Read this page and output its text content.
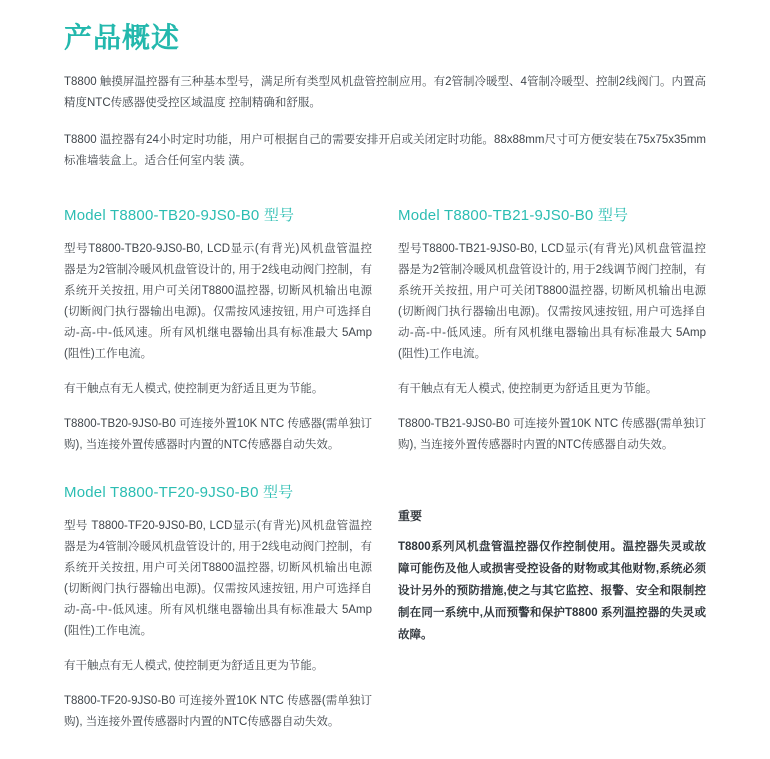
产品概述

T8800 触摸屏温控器有三种基本型号，满足所有类型风机盘管控制应用。有2管制冷暖型、4管制冷暖型、控制2线阀门。内置高精度NTC传感器使受控区域温度 控制精确和舒服。

T8800 温控器有24小时定时功能，用户可根据自己的需要安排开启或关闭定时功能。88x88mm尺寸可方便安装在75x75x35mm标准墙装盒上。适合任何室内装 潢。

Model T8800-TB20-9JS0-B0 型号

型号T8800-TB20-9JS0-B0, LCD显示(有背光)风机盘管温控器是为2管制冷暖风机盘管设计的, 用于2线电动阀门控制，有系统开关按扭, 用户可关闭T8800温控器, 切断风机输出电源(切断阀门执行器输出电源)。仅需按风速按钮, 用户可选择自动-高-中-低风速。所有风机继电器输出具有标准最大 5Amp (阻性)工作电流。

有干触点有无人模式, 使控制更为舒适且更为节能。

T8800-TB20-9JS0-B0 可连接外置10K NTC 传感器(需单独订购), 当连接外置传感器时内置的NTC传感器自动失效。

Model T8800-TF20-9JS0-B0 型号

型号 T8800-TF20-9JS0-B0, LCD显示(有背光)风机盘管温控器是为4管制冷暖风机盘管设计的, 用于2线电动阀门控制，有系统开关按扭, 用户可关闭T8800温控器, 切断风机输出电源(切断阀门执行器输出电源)。仅需按风速按钮, 用户可选择自动-高-中-低风速。所有风机继电器输出具有标准最大 5Amp (阻性)工作电流。

有干触点有无人模式, 使控制更为舒适且更为节能。

T8800-TF20-9JS0-B0 可连接外置10K NTC 传感器(需单独订购), 当连接外置传感器时内置的NTC传感器自动失效。

Model T8800-TB21-9JS0-B0 型号

型号T8800-TB21-9JS0-B0, LCD显示(有背光)风机盘管温控器是为2管制冷暖风机盘管设计的, 用于2线调节阀门控制，有系统开关按扭, 用户可关闭T8800温控器, 切断风机输出电源(切断阀门执行器输出电源)。仅需按风速按钮, 用户可选择自动-高-中-低风速。所有风机继电器输出具有标准最大 5Amp (阻性)工作电流。

有干触点有无人模式, 使控制更为舒适且更为节能。

T8800-TB21-9JS0-B0 可连接外置10K NTC 传感器(需单独订购), 当连接外置传感器时内置的NTC传感器自动失效。

重要

T8800系列风机盘管温控器仅作控制使用。温控器失灵或故障可能伤及他人或损害受控设备的财物或其他财物,系统必须设计另外的预防措施,使之与其它监控、报警、安全和限制控制在同一系统中,从而预警和保护T8800 系列温控器的失灵或故障。
